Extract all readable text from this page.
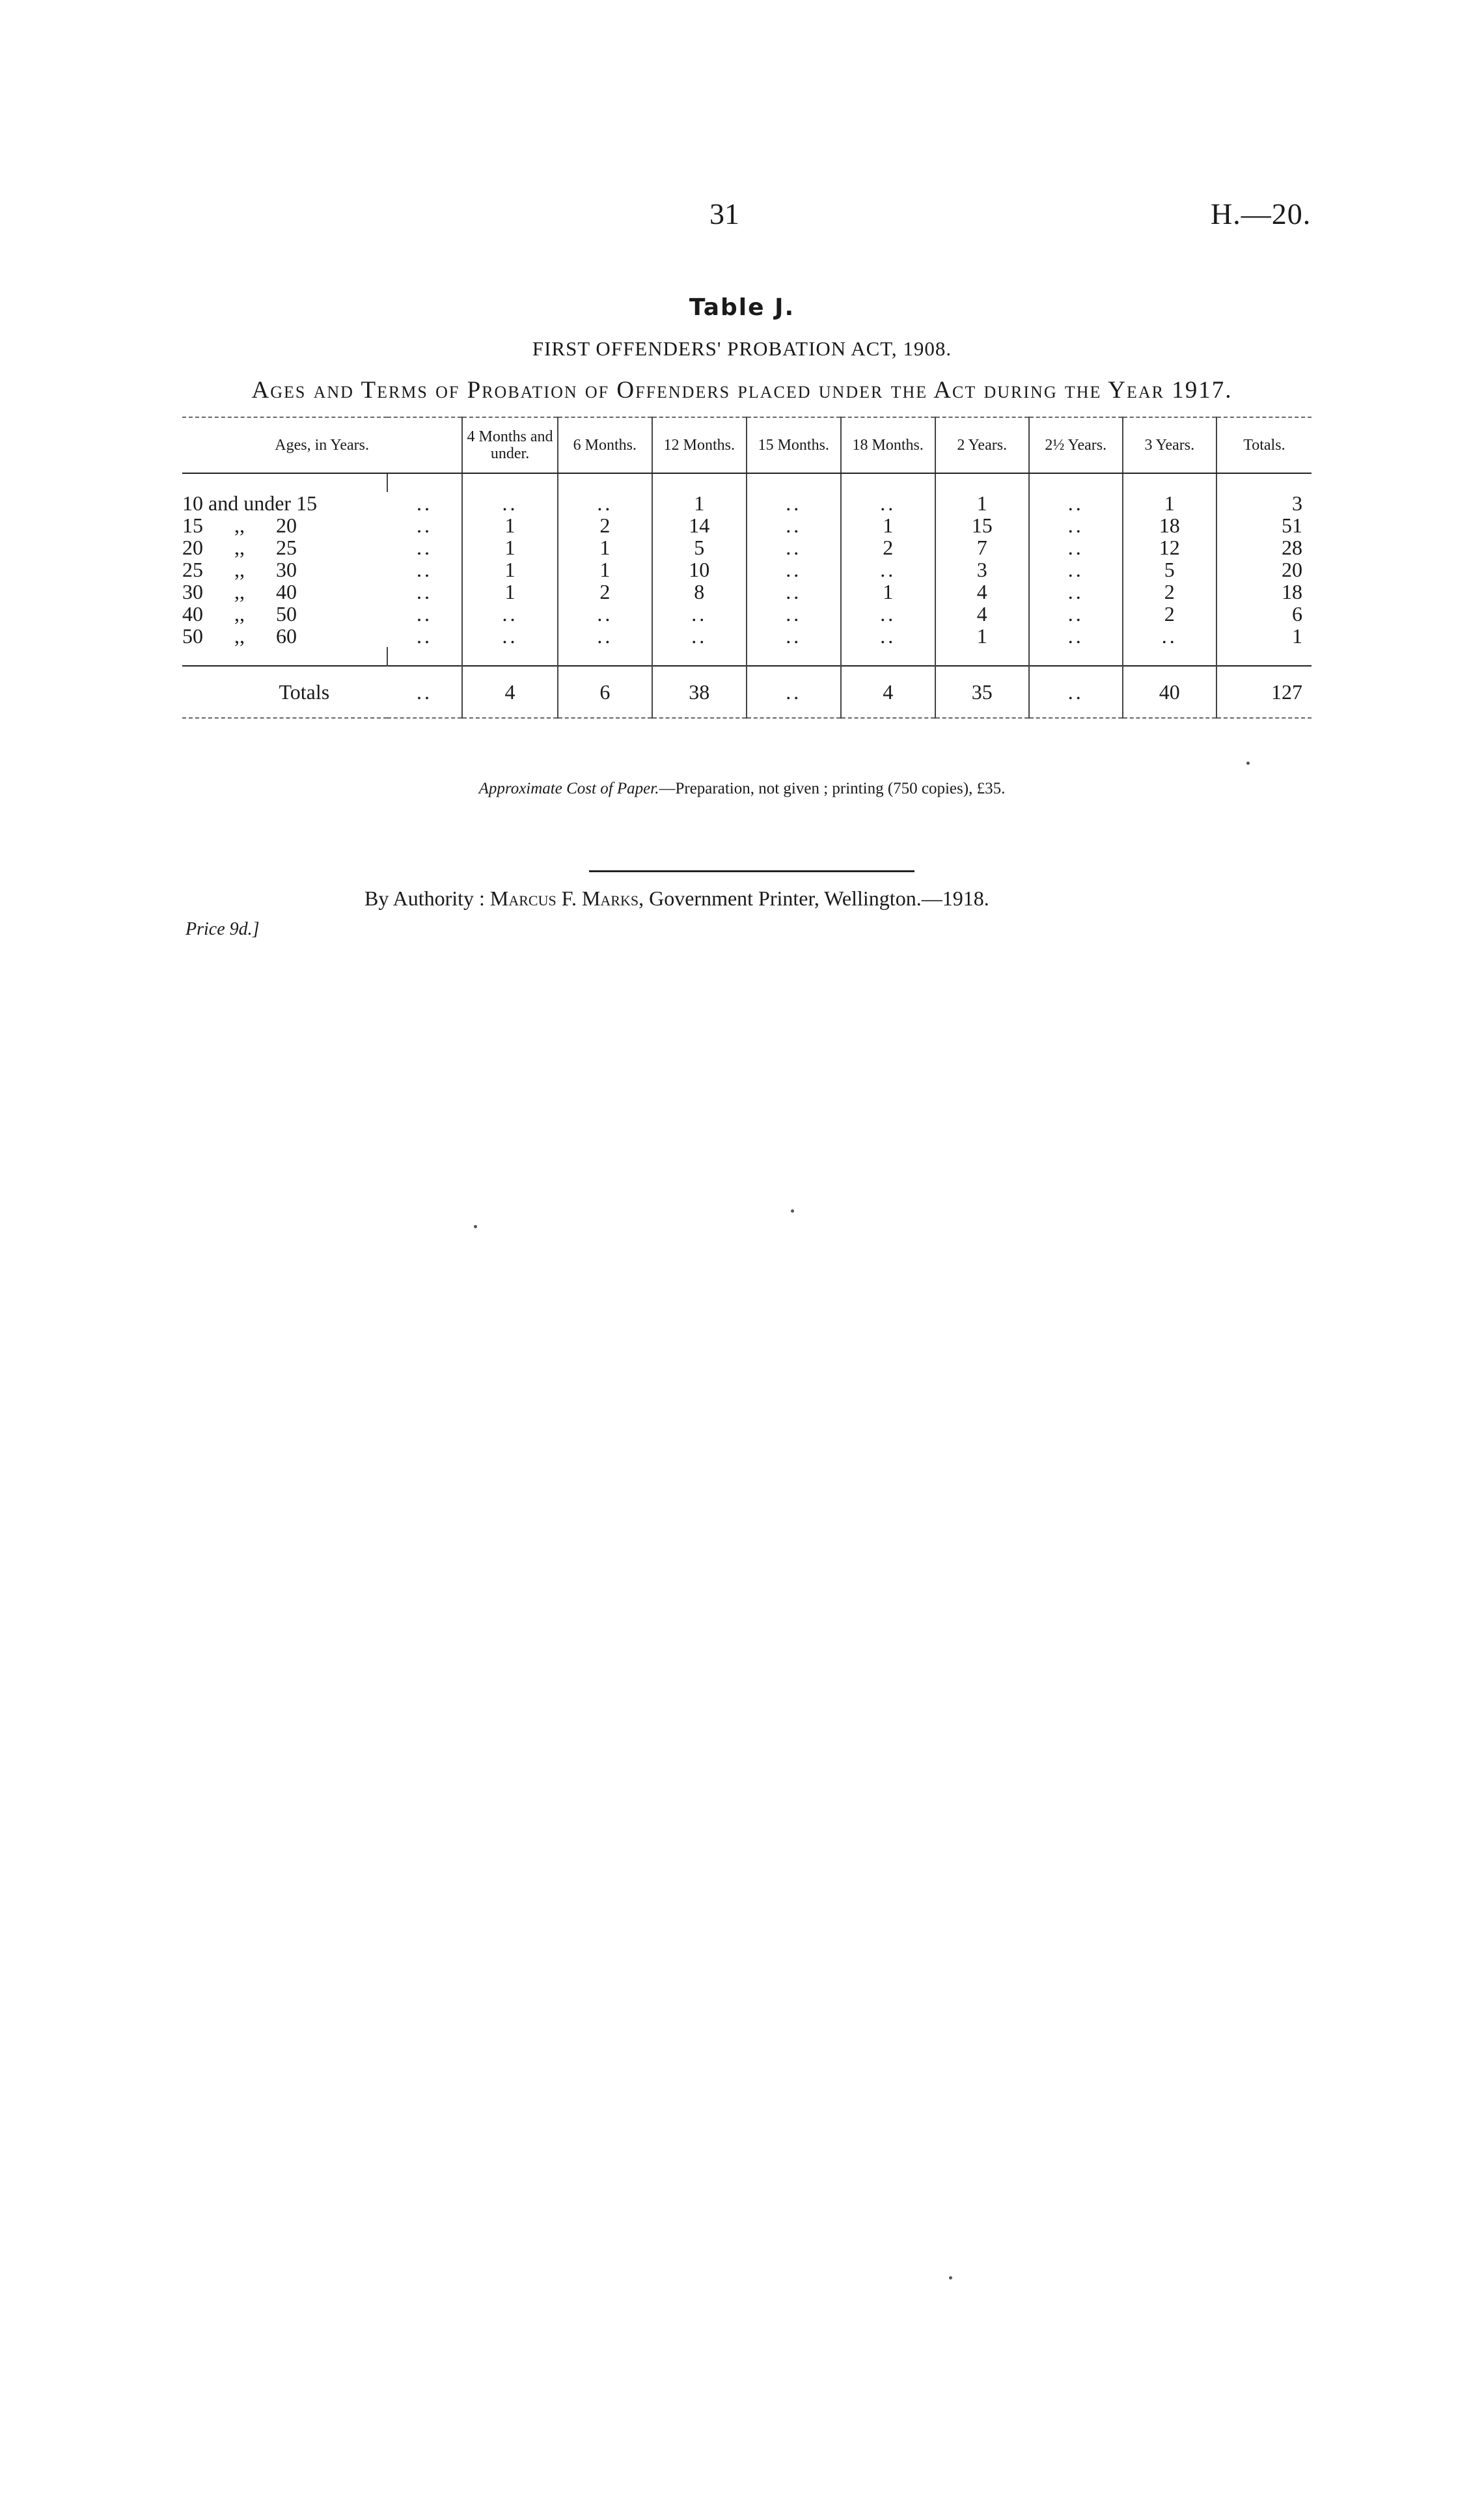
31	H.—20.
Table J.
FIRST OFFENDERS' PROBATION ACT, 1908.
Ages and Terms of Probation of Offenders placed under the Act during the Year 1917.
Ages, in Years.		4 Months and under.	6 Months.	12 Months.	15 Months.	18 Months.	2 Years.	2½ Years.	3 Years.	Totals.

10 and under 15	..	..	..	1	..	..	1	..	1	3
15      ,,      20	..	1	2	14	..	1	15	..	18	51
20      ,,      25	..	1	1	5	..	2	7	..	12	28
25      ,,      30	..	1	1	10	..	..	3	..	5	20
30      ,,      40	..	1	2	8	..	1	4	..	2	18
40      ,,      50	..	..	..	..	..	..	4	..	2	6
50      ,,      60	..	..	..	..	..	..	1	..	..	1

Totals	..	4	6	38	..	4	35	..	40	127
Approximate Cost of Paper.—Preparation, not given ; printing (750 copies), £35.
Price 9d.]
By Authority : Marcus F. Marks, Government Printer, Wellington.—1918.
